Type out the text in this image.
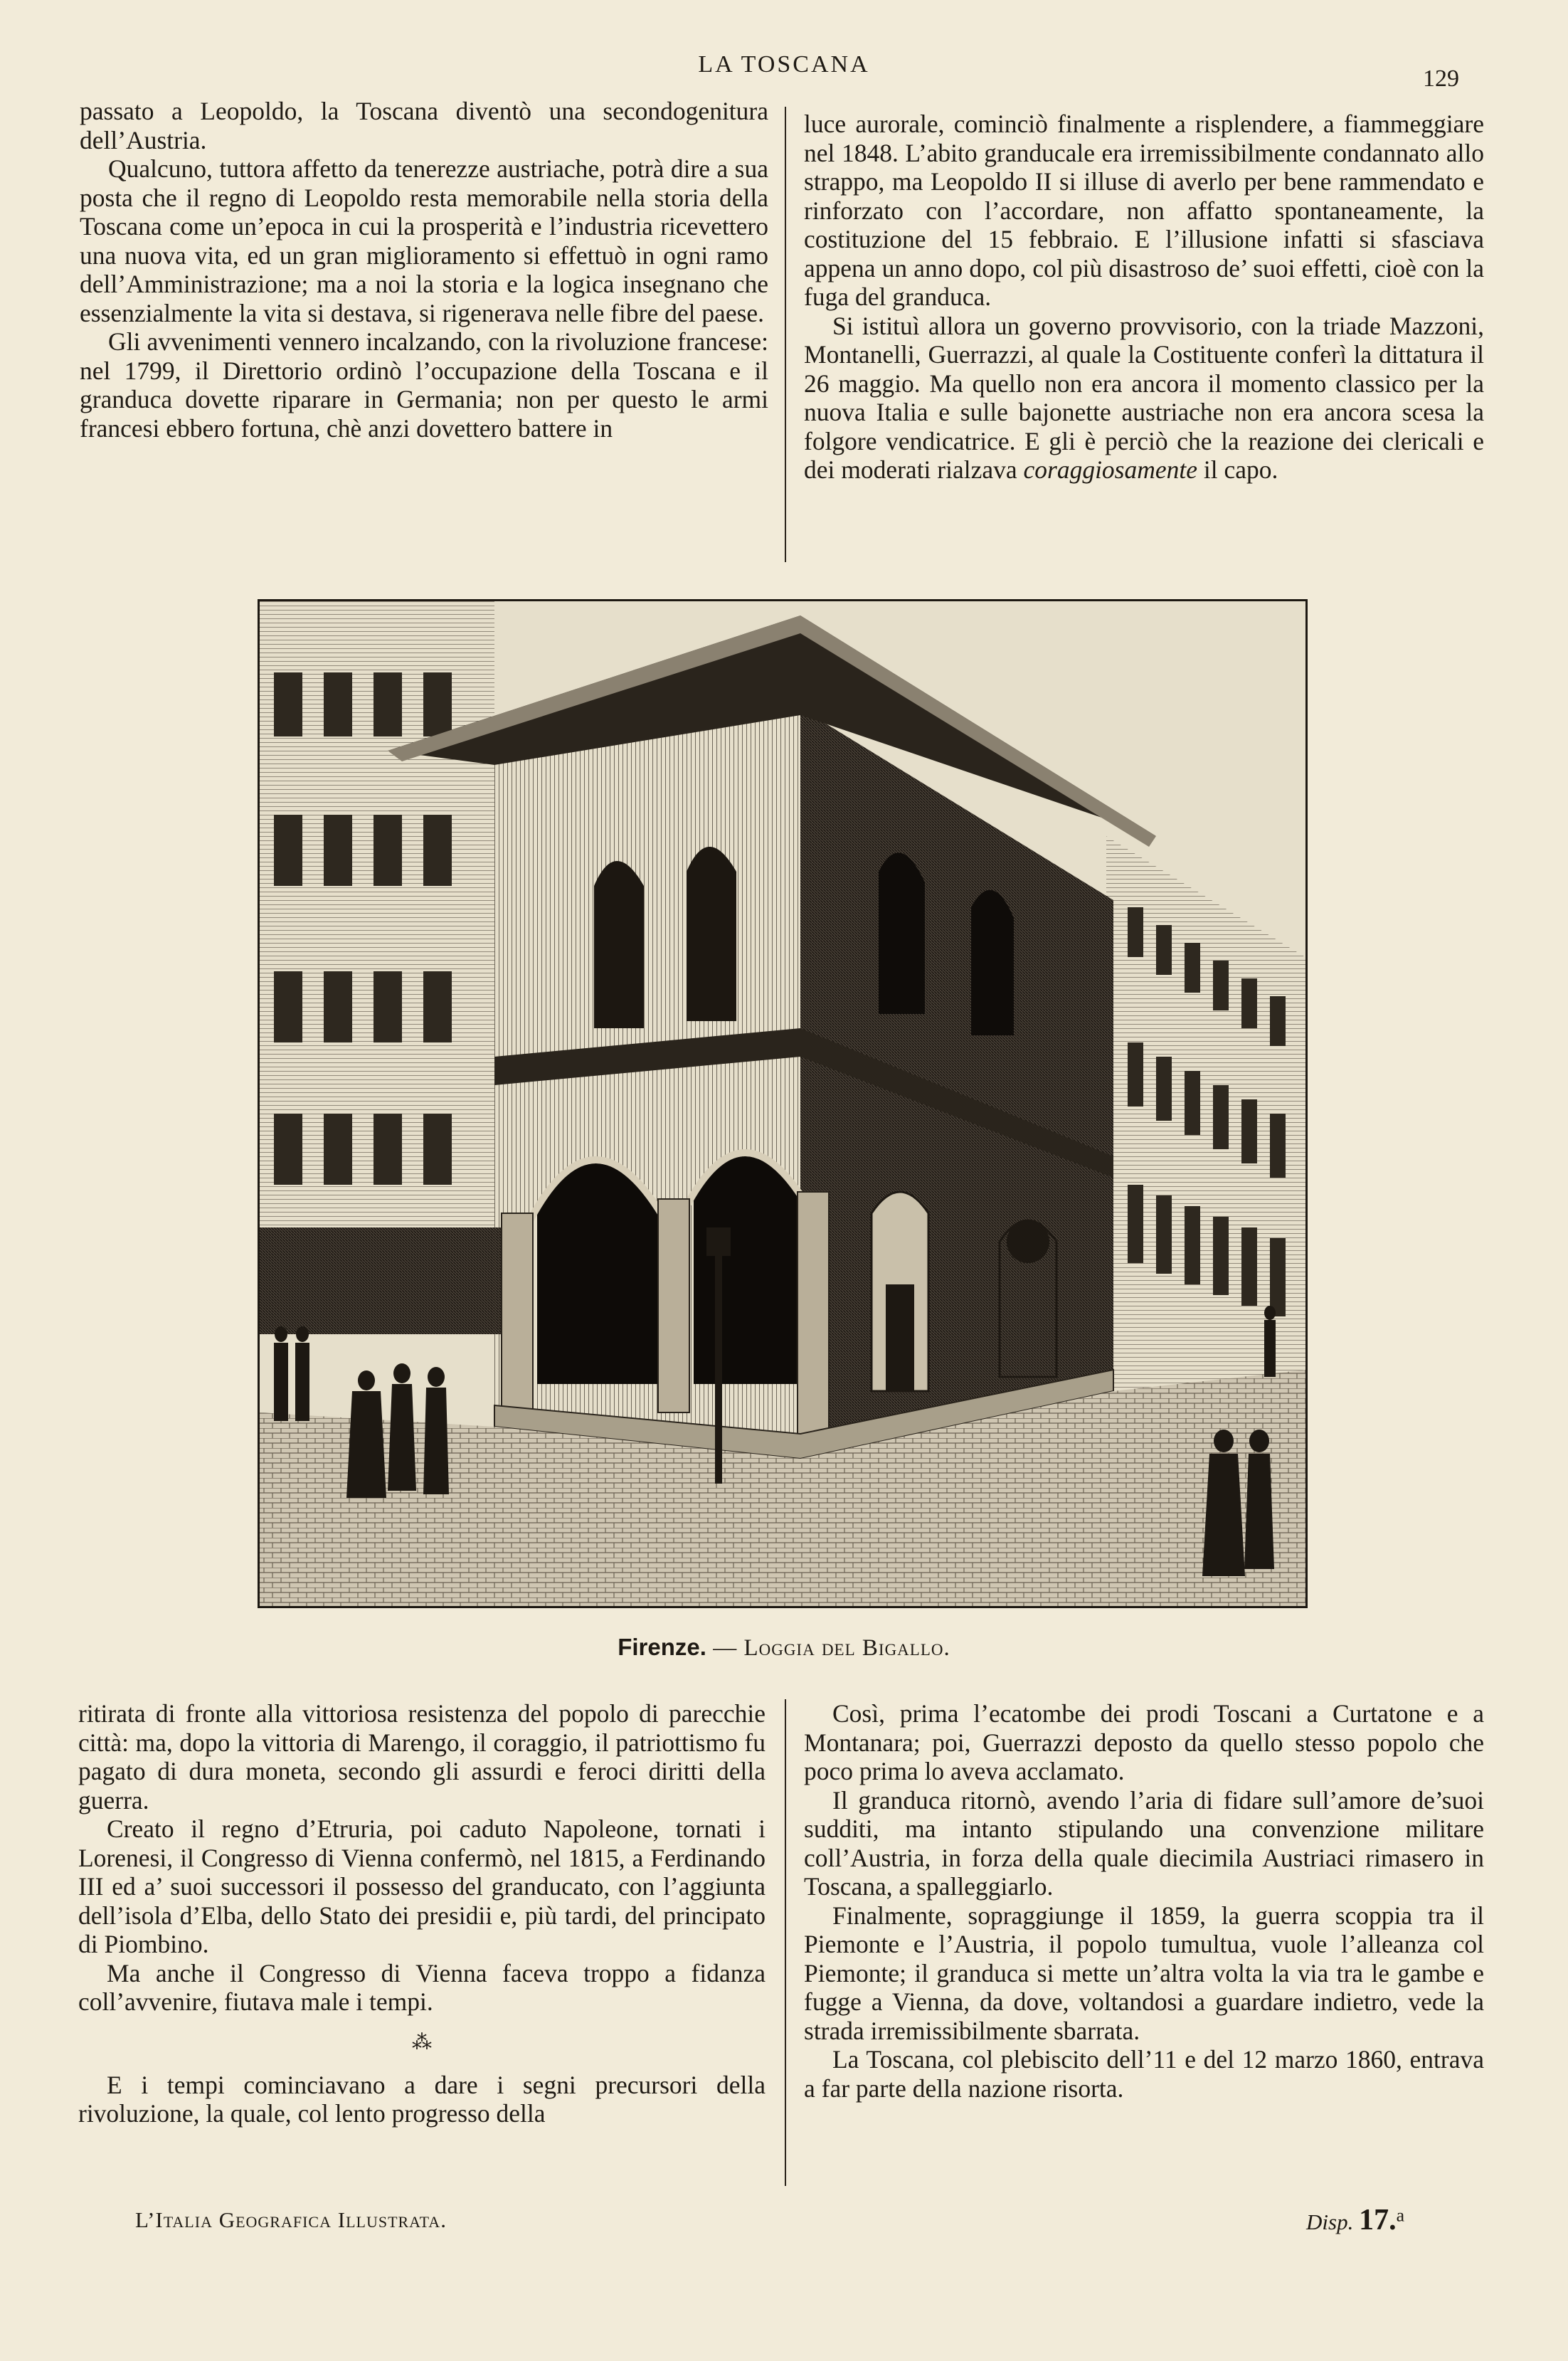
LA TOSCANA
129

passato a Leopoldo, la Toscana diventò una secondogenitura dell’Austria.

Qualcuno, tuttora affetto da tenerezze austriache, potrà dire a sua posta che il regno di Leopoldo resta memorabile nella storia della Toscana come un’epoca in cui la prosperità e l’industria ricevettero una nuova vita, ed un gran miglioramento si effettuò in ogni ramo dell’Amministrazione; ma a noi la storia e la logica insegnano che essenzialmente la vita si destava, si rigenerava nelle fibre del paese.

Gli avvenimenti vennero incalzando, con la rivoluzione francese: nel 1799, il Direttorio ordinò l’occupazione della Toscana e il granduca dovette riparare in Germania; non per questo le armi francesi ebbero fortuna, chè anzi dovettero battere in

luce aurorale, cominciò finalmente a risplendere, a fiammeggiare nel 1848. L’abito granducale era irremissibilmente condannato allo strappo, ma Leopoldo II si illuse di averlo per bene rammendato e rinforzato con l’accordare, non affatto spontaneamente, la costituzione del 15 febbraio. E l’illusione infatti si sfasciava appena un anno dopo, col più disastroso de’ suoi effetti, cioè con la fuga del granduca.

Si istituì allora un governo provvisorio, con la triade Mazzoni, Montanelli, Guerrazzi, al quale la Costituente conferì la dittatura il 26 maggio. Ma quello non era ancora il momento classico per la nuova Italia e sulle bajonette austriache non era ancora scesa la folgore vendicatrice. E gli è perciò che la reazione dei clericali e dei moderati rialzava coraggiosamente il capo.

Firenze. — Loggia del Bigallo.

ritirata di fronte alla vittoriosa resistenza del popolo di parecchie città: ma, dopo la vittoria di Marengo, il coraggio, il patriottismo fu pagato di dura moneta, secondo gli assurdi e feroci diritti della guerra.

Creato il regno d’Etruria, poi caduto Napoleone, tornati i Lorenesi, il Congresso di Vienna confermò, nel 1815, a Ferdinando III ed a’ suoi successori il possesso del granducato, con l’aggiunta dell’isola d’Elba, dello Stato dei presidii e, più tardi, del principato di Piombino.

Ma anche il Congresso di Vienna faceva troppo a fidanza coll’avvenire, fiutava male i tempi.

⁂

E i tempi cominciavano a dare i segni precursori della rivoluzione, la quale, col lento progresso della

Così, prima l’ecatombe dei prodi Toscani a Curtatone e a Montanara; poi, Guerrazzi deposto da quello stesso popolo che poco prima lo aveva acclamato.

Il granduca ritornò, avendo l’aria di fidare sull’amore de’suoi sudditi, ma intanto stipulando una convenzione militare coll’Austria, in forza della quale diecimila Austriaci rimasero in Toscana, a spalleggiarlo.

Finalmente, sopraggiunge il 1859, la guerra scoppia tra il Piemonte e l’Austria, il popolo tumultua, vuole l’alleanza col Piemonte; il granduca si mette un’altra volta la via tra le gambe e fugge a Vienna, da dove, voltandosi a guardare indietro, vede la strada irremissibilmente sbarrata.

La Toscana, col plebiscito dell’11 e del 12 marzo 1860, entrava a far parte della nazione risorta.

L’Italia Geografica Illustrata.	Disp. 17.$^a$
